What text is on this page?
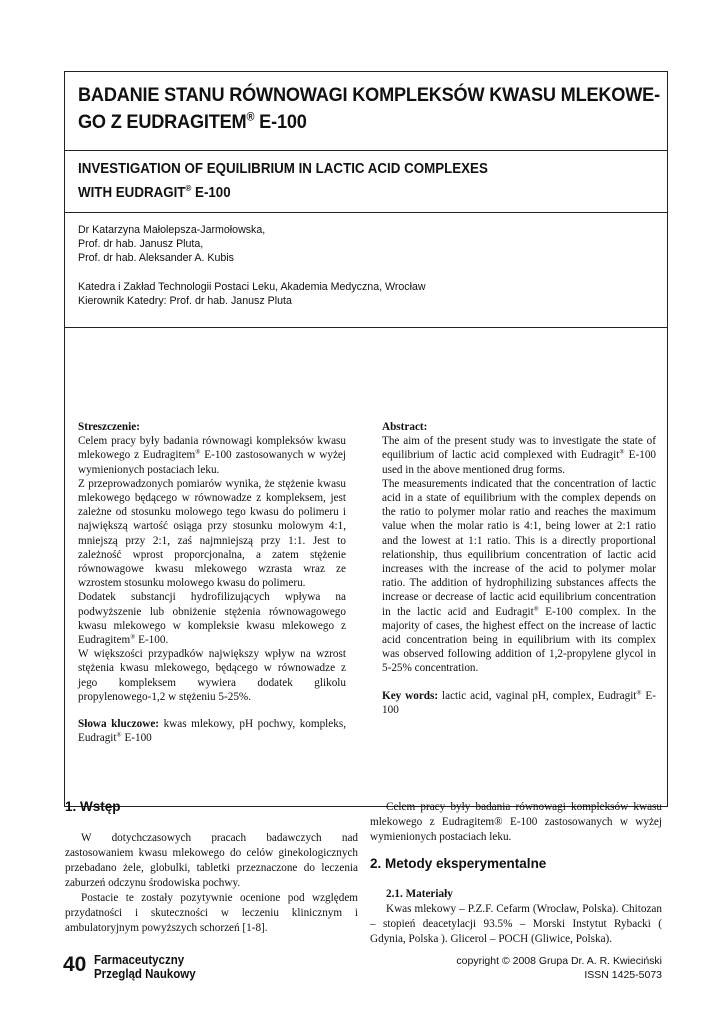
BADANIE STANU RÓWNOWAGI KOMPLEKSÓW KWASU MLEKOWE-
GO Z EUDRAGITEM® E-100
INVESTIGATION OF EQUILIBRIUM IN LACTIC ACID COMPLEXES
WITH EUDRAGIT® E-100
Dr Katarzyna Małolepsza-Jarmołowska,
Prof. dr hab. Janusz Pluta,
Prof. dr hab. Aleksander A. Kubis
Katedra i Zakład Technologii Postaci Leku, Akademia Medyczna, Wrocław
Kierownik Katedry: Prof. dr hab. Janusz Pluta
Streszczenie:

Celem pracy były badania równowagi kompleksów kwasu mlekowego z Eudragitem® E-100 zastosowanych w wyżej wymienionych postaciach leku.

Z przeprowadzonych pomiarów wynika, że stężenie kwasu mlekowego będącego w równowadze z kompleksem, jest zależne od stosunku molowego tego kwasu do polimeru i największą wartość osiąga przy stosunku molowym 4:1, mniejszą przy 2:1, zaś najmniejszą przy 1:1. Jest to zależność wprost proporcjonalna, a zatem stężenie równowagowe kwasu mlekowego wzrasta wraz ze wzrostem stosunku molowego kwasu do polimeru.

Dodatek substancji hydrofilizujących wpływa na podwyższenie lub obniżenie stężenia równowagowego kwasu mlekowego w kompleksie kwasu mlekowego z Eudragitem® E-100.

W większości przypadków największy wpływ na wzrost stężenia kwasu mlekowego, będącego w równowadze z jego kompleksem wywiera dodatek glikolu propylenowego-1,2 w stężeniu 5-25%.

Słowa kluczowe: kwas mlekowy, pH pochwy, kompleks, Eudragit® E-100

Abstract:

The aim of the present study was to investigate the state of equilibrium of lactic acid complexed with Eudragit® E-100 used in the above mentioned drug forms.

The measurements indicated that the concentration of lactic acid in a state of equilibrium with the complex depends on the ratio to polymer molar ratio and reaches the maximum value when the molar ratio is 4:1, being lower at 2:1 ratio and the lowest at 1:1 ratio. This is a directly proportional relationship, thus equilibrium concentration of lactic acid increases with the increase of the acid to polymer molar ratio. The addition of hydrophilizing substances affects the increase or decrease of lactic acid equilibrium concentration in the lactic acid and Eudragit® E-100 complex. In the majority of cases, the highest effect on the increase of lactic acid concentration being in equilibrium with its complex was observed following addition of 1,2-propylene glycol in 5-25% concentration.

Key words: lactic acid, vaginal pH, complex, Eudragit® E-100

1. Wstęp

W dotychczasowych pracach badawczych nad zastosowaniem kwasu mlekowego do celów ginekologicznych przebadano żele, globulki, tabletki przeznaczone do leczenia zaburzeń odczynu środowiska pochwy.

Postacie te zostały pozytywnie ocenione pod względem przydatności i skuteczności w leczeniu klinicznym i ambulatoryjnym powyższych schorzeń [1-8].

Celem pracy były badania równowagi kompleksów kwasu mlekowego z Eudragitem® E-100 zastosowanych w wyżej wymienionych postaciach leku.

2. Metody eksperymentalne

2.1. Materiały

Kwas mlekowy – P.Z.F. Cefarm (Wrocław, Polska). Chitozan – stopień deacetylacji 93.5% – Morski Instytut Rybacki ( Gdynia, Polska ). Glicerol – POCH (Gliwice, Polska).

40 Farmaceutyczny
Przegląd Naukowy
copyright © 2008 Grupa Dr. A. R. Kwieciński
ISSN 1425-5073
